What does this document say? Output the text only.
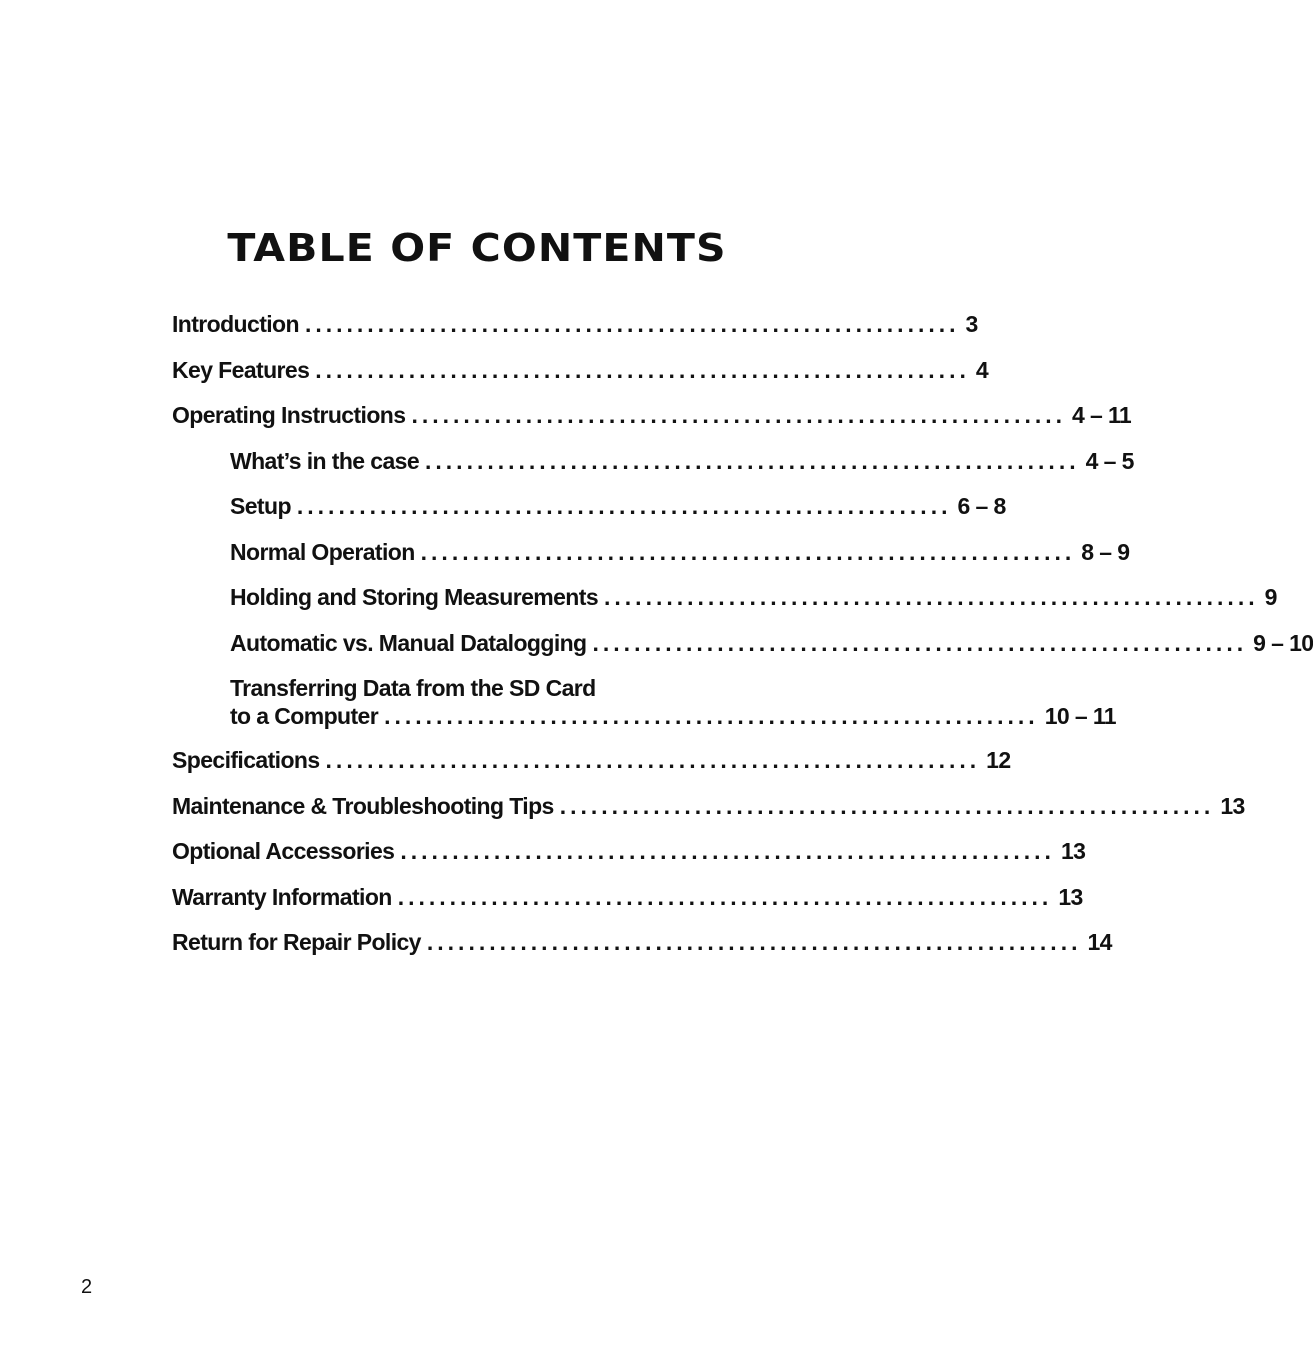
TABLE OF CONTENTS
Introduction ............................................................... 3
Key Features ............................................................... 4
Operating Instructions ............................................................... 4 – 11
What’s in the case ............................................................... 4 – 5
Setup ............................................................... 6 – 8
Normal Operation ............................................................... 8 – 9
Holding and Storing Measurements ............................................................... 9
Automatic vs. Manual Datalogging ............................................................... 9 – 10
Transferring Data from the SD Card
to a Computer ............................................................... 10 – 11
Specifications ............................................................... 12
Maintenance & Troubleshooting Tips ............................................................... 13
Optional Accessories ............................................................... 13
Warranty Information ............................................................... 13
Return for Repair Policy ............................................................... 14

2
